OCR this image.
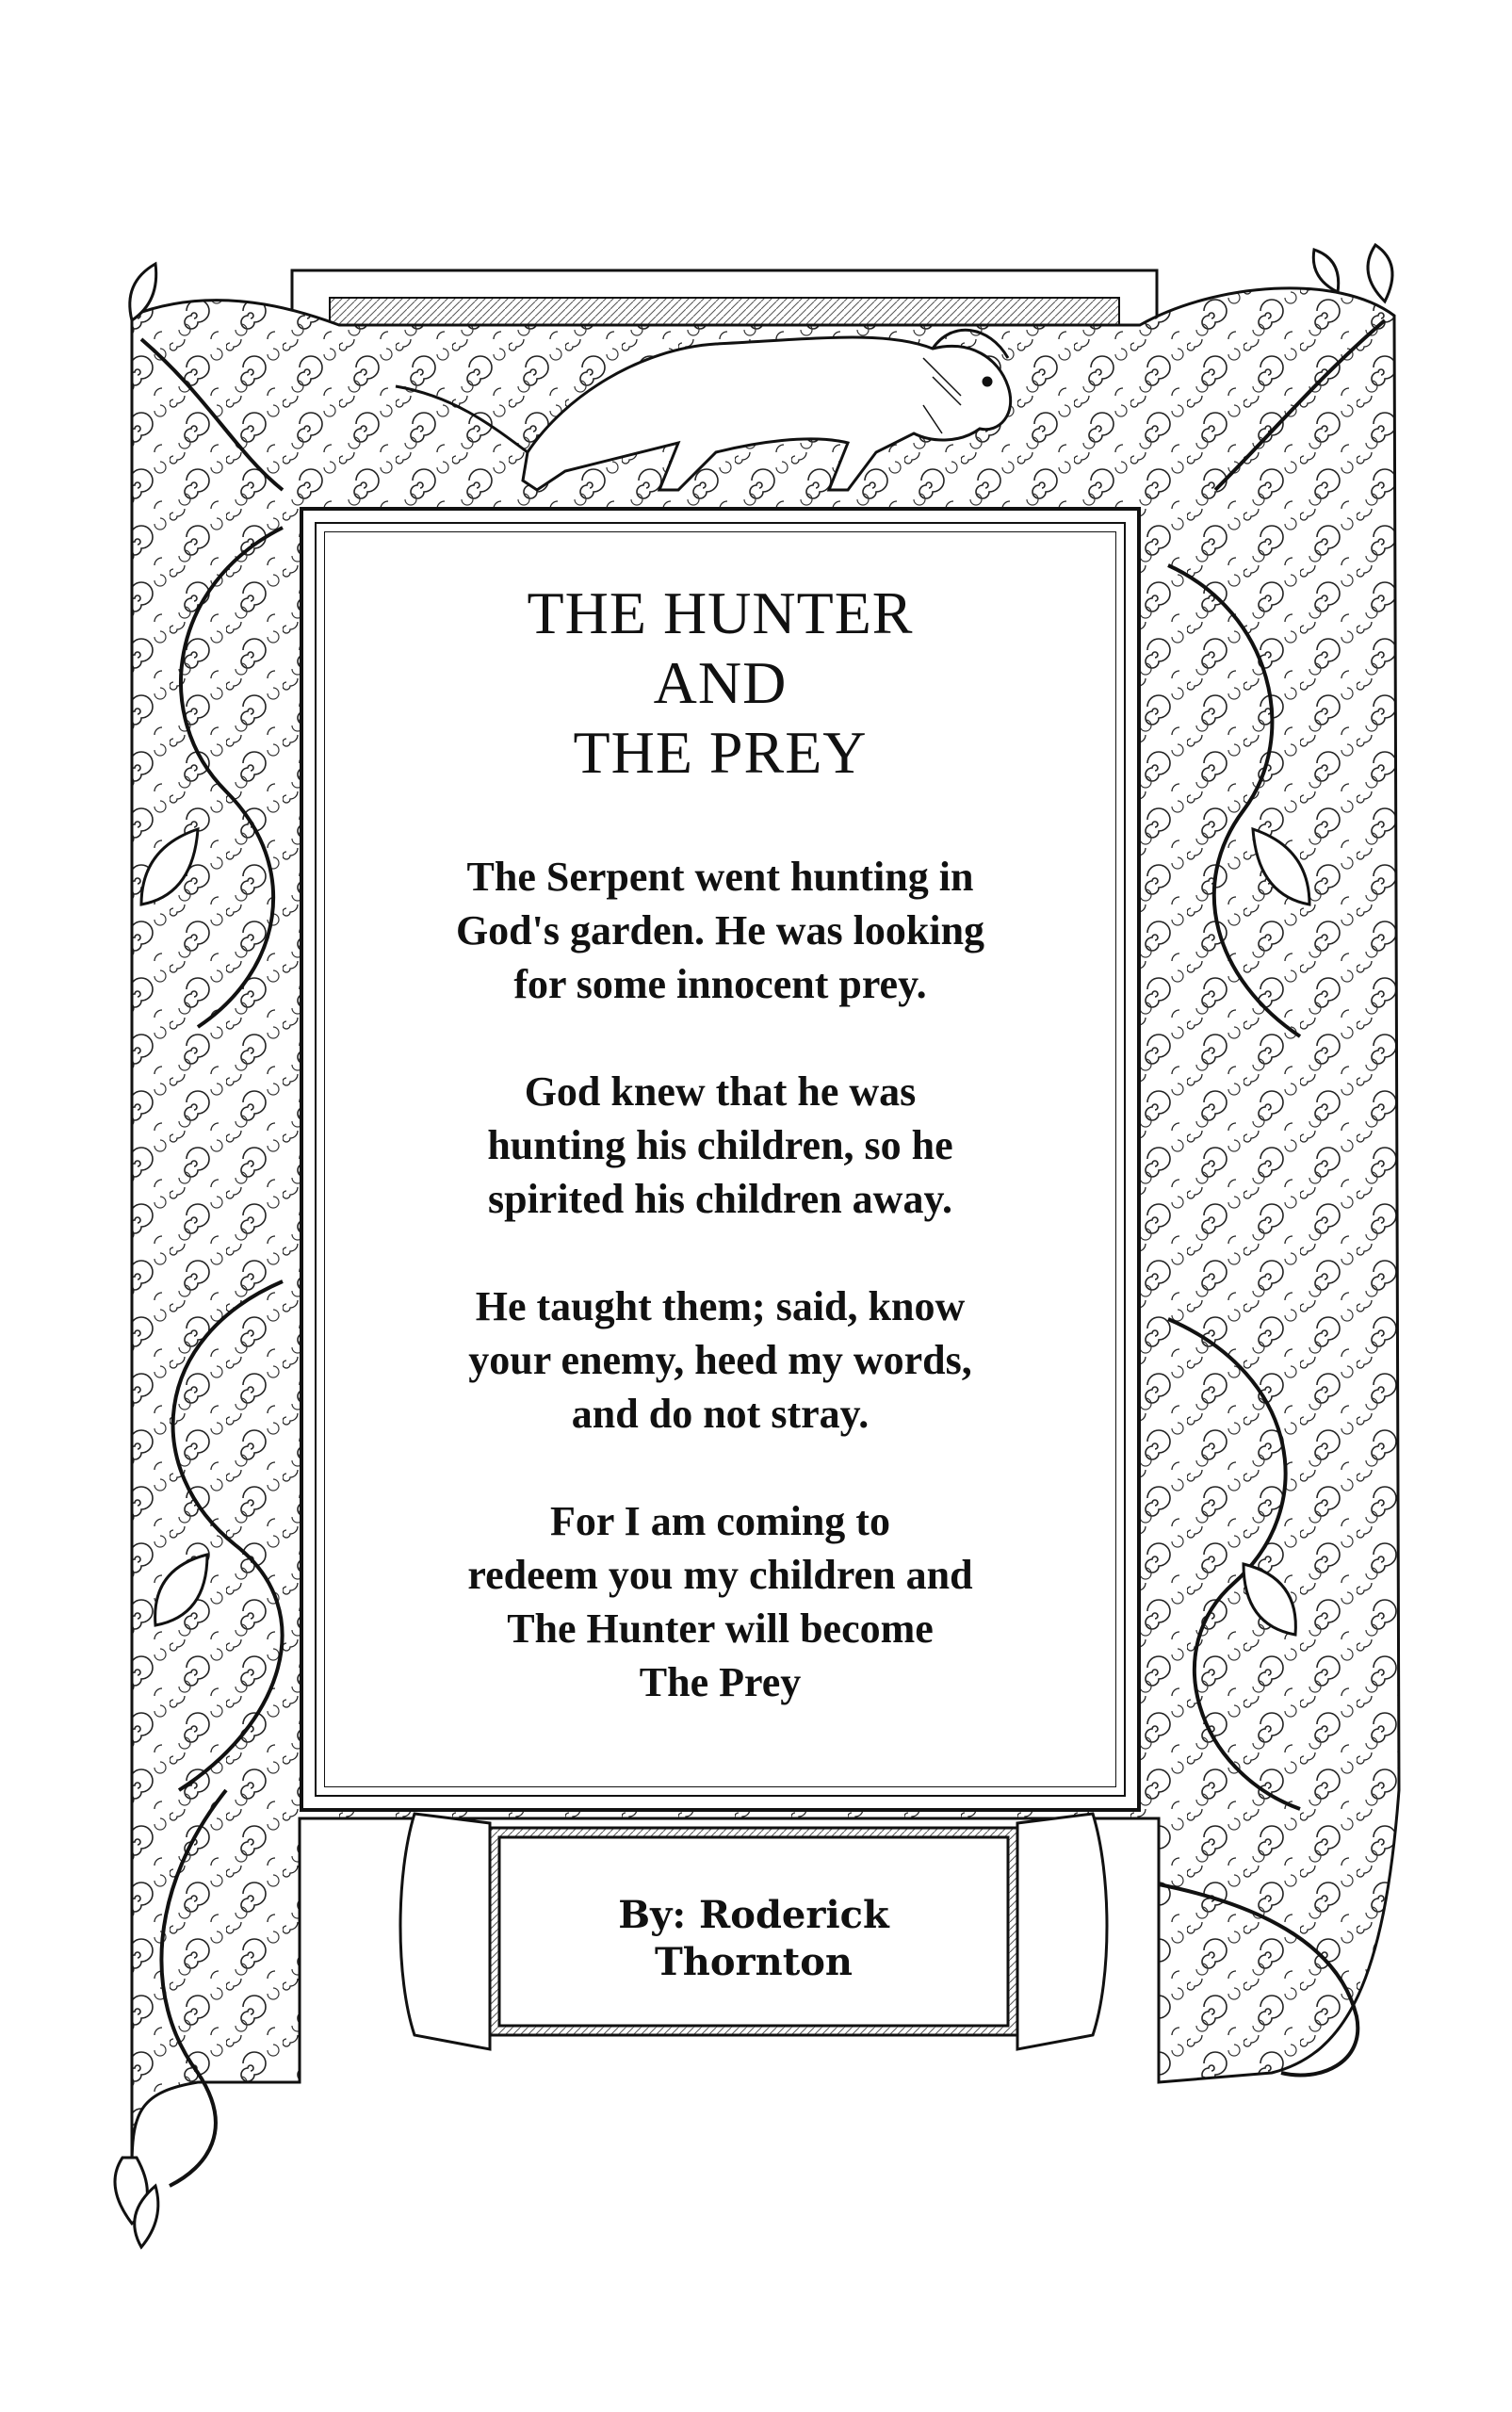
THE HUNTER
AND
THE PREY
The Serpent went hunting in
God's garden. He was looking
for some innocent prey.
God knew that he was
hunting his children, so he
spirited his children away.
He taught them; said, know
your enemy, heed my words,
and do not stray.
For I am coming to
redeem you my children and
The Hunter will become
The Prey
By: Roderick
Thornton
